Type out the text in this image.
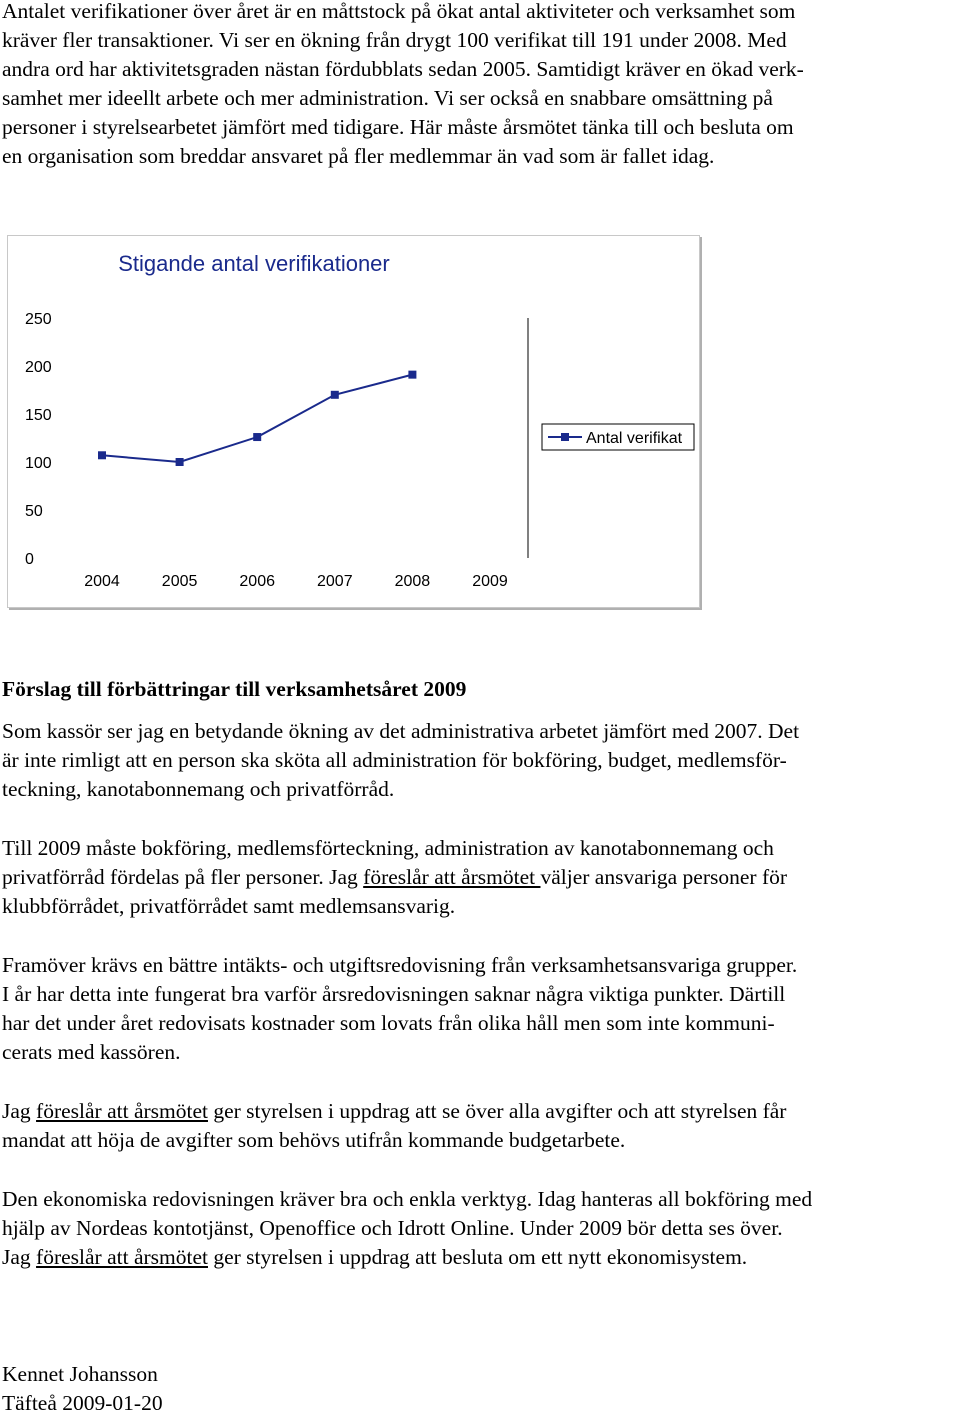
Antalet verifikationer över året är en måttstock på ökat antal aktiviteter och verksamhet som

kräver fler transaktioner. Vi ser en ökning från drygt 100 verifikat till 191 under 2008. Med

andra ord har aktivitetsgraden nästan fördubblats sedan 2005. Samtidigt kräver en ökad verk-

samhet mer ideellt arbete och mer administration. Vi ser också en snabbare omsättning på

personer i styrelsearbetet jämfört med tidigare. Här måste årsmötet tänka till och besluta om

en organisation som breddar ansvaret på fler medlemmar än vad som är fallet idag.

Stigande antal verifikationer
250
200
150
100
50
0
2004	2005	2006	2007	2008	2009
Antal verifikat

Förslag till förbättringar till verksamhetsåret 2009

Som kassör ser jag en betydande ökning av det administrativa arbetet jämfört med 2007. Det

är inte rimligt att en person ska sköta all administration för bokföring, budget, medlemsför-

teckning, kanotabonnemang och privatförråd.

Till 2009 måste bokföring, medlemsförteckning, administration av kanotabonnemang och

privatförråd fördelas på fler personer. Jag föreslår att årsmötet väljer ansvariga personer för

klubbförrådet, privatförrådet samt medlemsansvarig.

Framöver krävs en bättre intäkts- och utgiftsredovisning från verksamhetsansvariga grupper.

I år har detta inte fungerat bra varför årsredovisningen saknar några viktiga punkter. Därtill

har det under året redovisats kostnader som lovats från olika håll men som inte kommuni-

cerats med kassören.

Jag föreslår att årsmötet ger styrelsen i uppdrag att se över alla avgifter och att styrelsen får

mandat att höja de avgifter som behövs utifrån kommande budgetarbete.

Den ekonomiska redovisningen kräver bra och enkla verktyg. Idag hanteras all bokföring med

hjälp av Nordeas kontotjänst, Openoffice och Idrott Online. Under 2009 bör detta ses över.

Jag föreslår att årsmötet ger styrelsen i uppdrag att besluta om ett nytt ekonomisystem.

Kennet Johansson

Täfteå 2009-01-20
